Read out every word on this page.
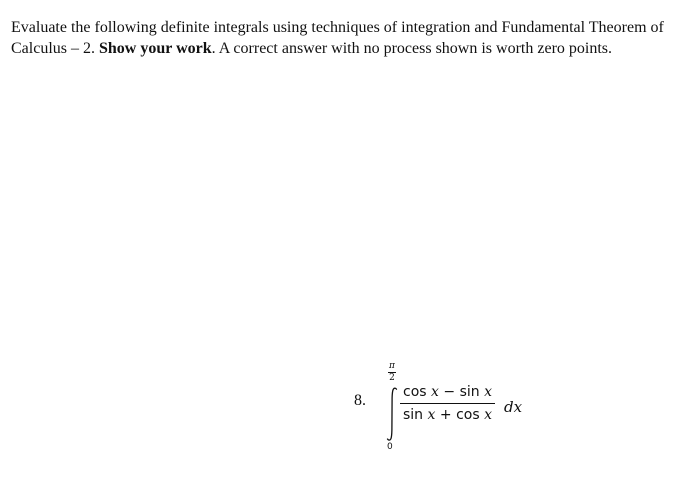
Evaluate the following definite integrals using techniques of integration and Fundamental Theorem of
Calculus – 2. Show your work. A correct answer with no process shown is worth zero points.
8.
π
2
0
cos x − sin x
sin x + cos x dx
